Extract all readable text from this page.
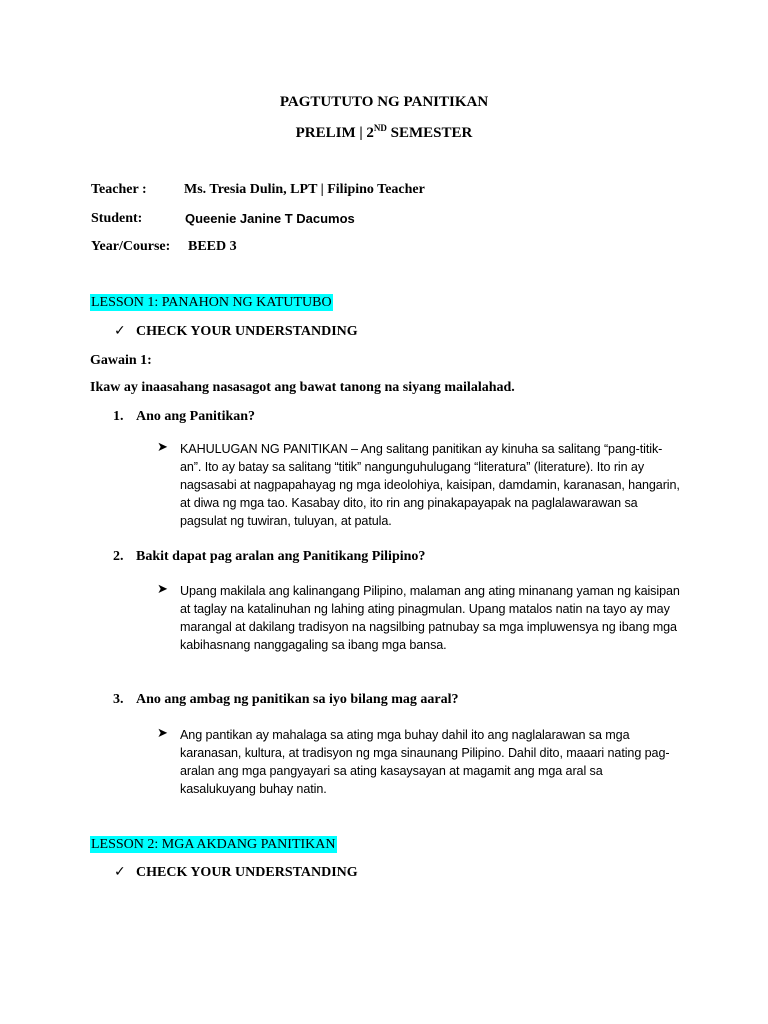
PAGTUTUTO NG PANITIKAN
PRELIM | 2ND SEMESTER
Teacher :	Ms. Tresia Dulin, LPT | Filipino Teacher
Student:	Queenie Janine T Dacumos
Year/Course: BEED 3
LESSON 1: PANAHON NG KATUTUBO
✓ CHECK YOUR UNDERSTANDING
Gawain 1:
Ikaw ay inaasahang nasasagot ang bawat tanong na siyang mailalahad.
1. Ano ang Panitikan?
➤ KAHULUGAN NG PANITIKAN – Ang salitang panitikan ay kinuha sa salitang “pang-titik-an”. Ito ay batay sa salitang “titik” nangunguhulugang “literatura” (literature). Ito rin ay nagsasabi at nagpapahayag ng mga ideolohiya, kaisipan, damdamin, karanasan, hangarin, at diwa ng mga tao. Kasabay dito, ito rin ang pinakapayapak na paglalawarawan sa pagsulat ng tuwiran, tuluyan, at patula.
2. Bakit dapat pag aralan ang Panitikang Pilipino?
➤ Upang makilala ang kalinangang Pilipino, malaman ang ating minanang yaman ng kaisipan at taglay na katalinuhan ng lahing ating pinagmulan. Upang matalos natin na tayo ay may marangal at dakilang tradisyon na nagsilbing patnubay sa mga impluwensya ng ibang mga kabihasnang nanggagaling sa ibang mga bansa.
3. Ano ang ambag ng panitikan sa iyo bilang mag aaral?
➤ Ang pantikan ay mahalaga sa ating mga buhay dahil ito ang naglalarawan sa mga karanasan, kultura, at tradisyon ng mga sinaunang Pilipino. Dahil dito, maaari nating pag-aralan ang mga pangyayari sa ating kasaysayan at magamit ang mga aral sa kasalukuyang buhay natin.
LESSON 2: MGA AKDANG PANITIKAN
✓ CHECK YOUR UNDERSTANDING
